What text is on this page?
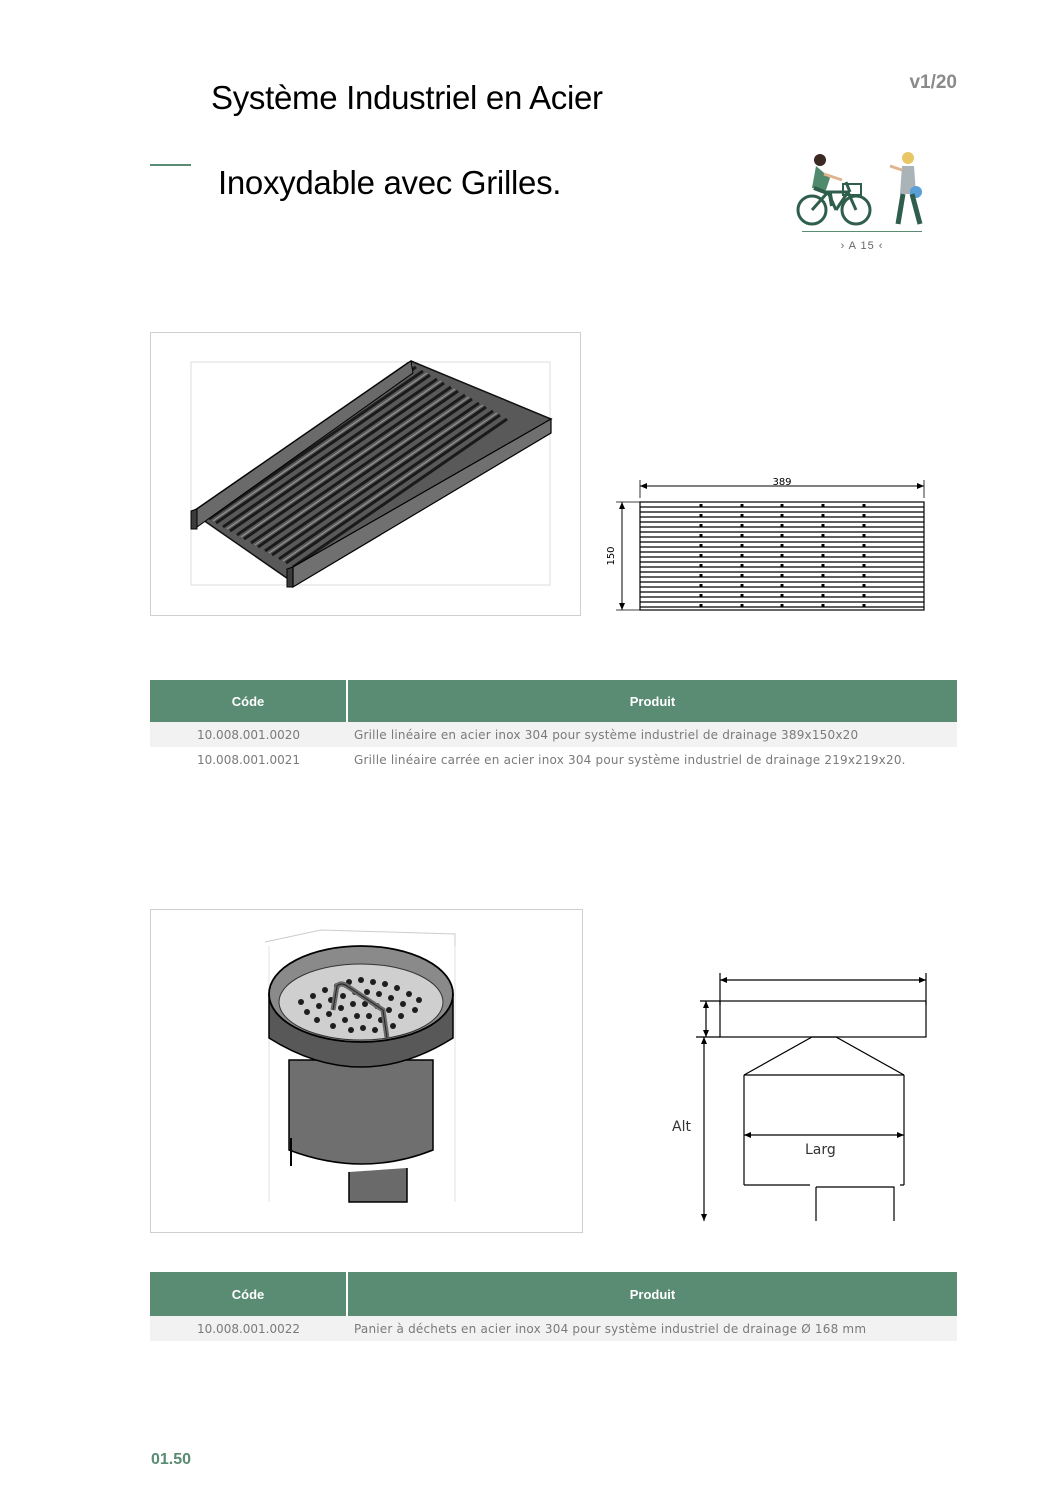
Système Industriel en Acier
Inoxydable avec Grilles.
v1/20
› A 15 ‹
389
150
Códe	Produit
10.008.001.0020	Grille linéaire en acier inox 304 pour système industriel de drainage 389x150x20
10.008.001.0021	Grille linéaire carrée en acier inox 304 pour système industriel de drainage 219x219x20.
Alt
Larg
Códe	Produit
10.008.001.0022	Panier à déchets en acier inox 304 pour système industriel de drainage Ø 168 mm
01.50
